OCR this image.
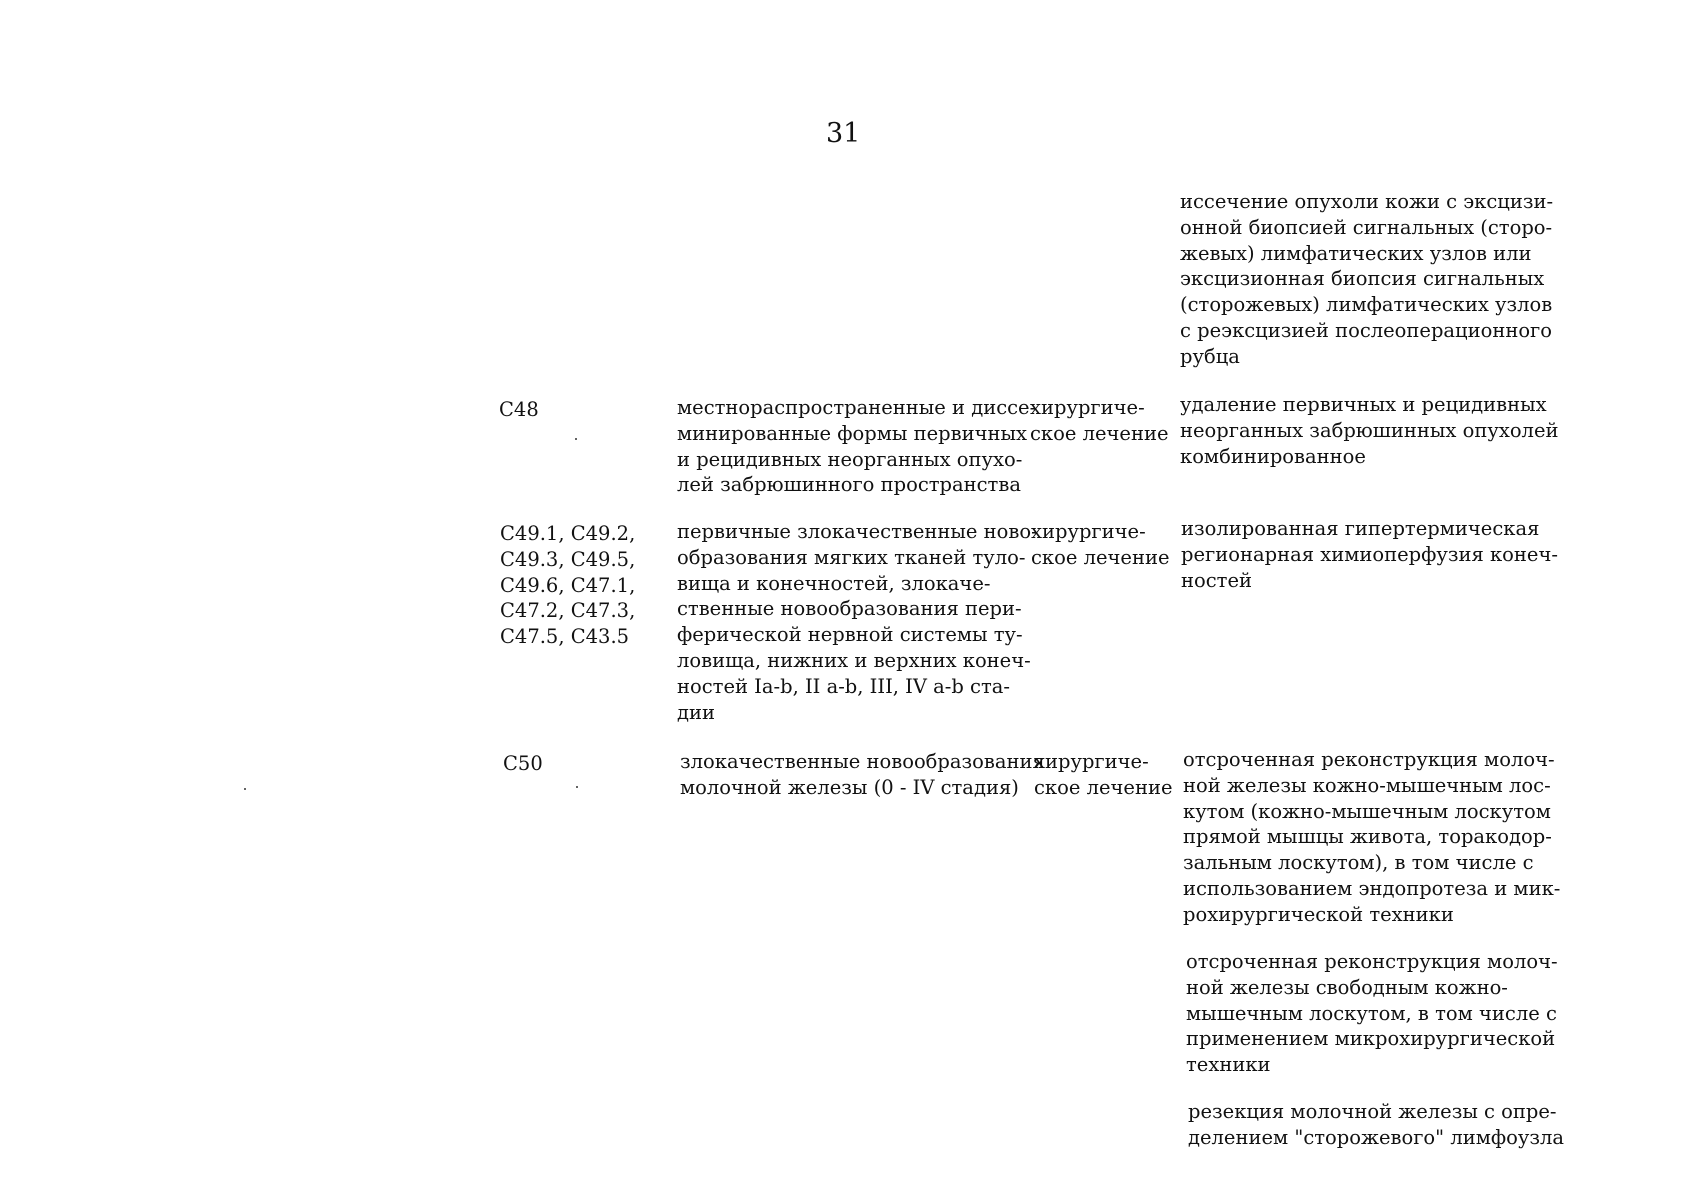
31
иссечение опухоли кожи с эксцизи-
онной биопсией сигнальных (сторо-
жевых) лимфатических узлов или
эксцизионная биопсия сигнальных
(сторожевых) лимфатических узлов
с реэксцизией послеоперационного
рубца
C48	местнораспространенные и диссе-
минированные формы первичных
и рецидивных неорганных опухо-
лей забрюшинного пространства
хирургиче-
ское лечение
удаление первичных и рецидивных
неорганных забрюшинных опухолей
комбинированное
C49.1, C49.2,
C49.3, C49.5,
C49.6, C47.1,
C47.2, C47.3,
C47.5, C43.5
первичные злокачественные ново-
образования мягких тканей туло-
вища и конечностей, злокаче-
ственные новообразования пери-
ферической нервной системы ту-
ловища, нижних и верхних конеч-
ностей Ia-b, II a-b, III, IV a-b ста-
дии
хирургиче-
ское лечение
изолированная гипертермическая
регионарная химиоперфузия конеч-
ностей
C50	злокачественные новообразования
молочной железы (0 - IV стадия)
хирургиче-
ское лечение
отсроченная реконструкция молоч-
ной железы кожно-мышечным лос-
кутом (кожно-мышечным лоскутом
прямой мышцы живота, торакодор-
зальным лоскутом), в том числе с
использованием эндопротеза и мик-
рохирургической техники
отсроченная реконструкция молоч-
ной железы свободным кожно-
мышечным лоскутом, в том числе с
применением микрохирургической
техники
резекция молочной железы с опре-
делением "сторожевого" лимфоузла
